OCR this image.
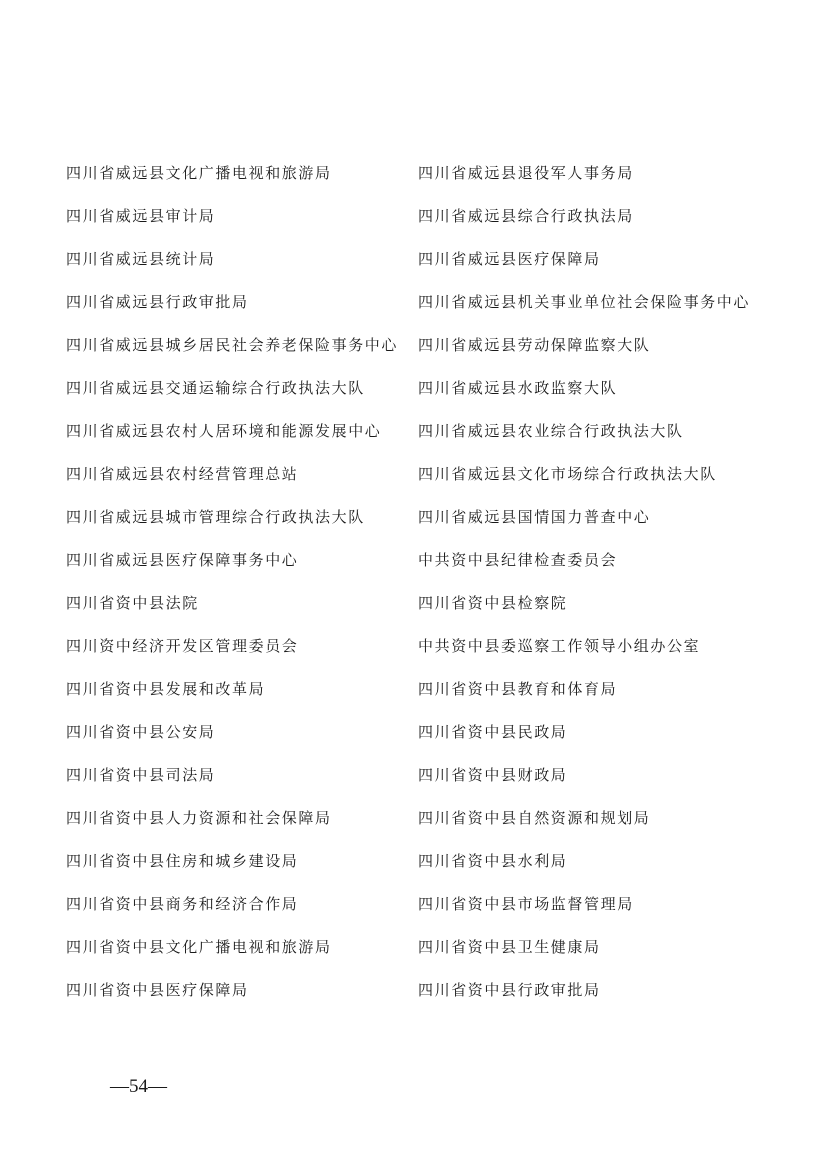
四川省威远县文化广播电视和旅游局	四川省威远县退役军人事务局
四川省威远县审计局	四川省威远县综合行政执法局
四川省威远县统计局	四川省威远县医疗保障局
四川省威远县行政审批局	四川省威远县机关事业单位社会保险事务中心
四川省威远县城乡居民社会养老保险事务中心	四川省威远县劳动保障监察大队
四川省威远县交通运输综合行政执法大队	四川省威远县水政监察大队
四川省威远县农村人居环境和能源发展中心	四川省威远县农业综合行政执法大队
四川省威远县农村经营管理总站	四川省威远县文化市场综合行政执法大队
四川省威远县城市管理综合行政执法大队	四川省威远县国情国力普查中心
四川省威远县医疗保障事务中心	中共资中县纪律检查委员会
四川省资中县法院	四川省资中县检察院
四川资中经济开发区管理委员会	中共资中县委巡察工作领导小组办公室
四川省资中县发展和改革局	四川省资中县教育和体育局
四川省资中县公安局	四川省资中县民政局
四川省资中县司法局	四川省资中县财政局
四川省资中县人力资源和社会保障局	四川省资中县自然资源和规划局
四川省资中县住房和城乡建设局	四川省资中县水利局
四川省资中县商务和经济合作局	四川省资中县市场监督管理局
四川省资中县文化广播电视和旅游局	四川省资中县卫生健康局
四川省资中县医疗保障局	四川省资中县行政审批局
—54—
